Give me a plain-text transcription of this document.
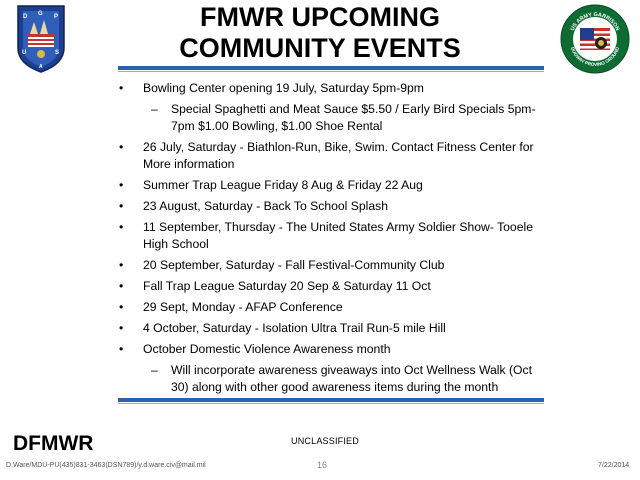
D	P
G
U	S
A
FMWR UPCOMING
COMMUNITY EVENTS
US ARMY GARRISON
DUGWAY PROVING GROUND
• Bowling Center opening 19 July, Saturday 5pm-9pm
– Special Spaghetti and Meat Sauce $5.50 / Early Bird Specials 5pm-7pm $1.00 Bowling, $1.00 Shoe Rental
• 26 July, Saturday - Biathlon-Run, Bike, Swim. Contact Fitness Center for More information
• Summer Trap League Friday 8 Aug & Friday 22 Aug
• 23 August, Saturday - Back To School Splash
• 11 September, Thursday - The United States Army Soldier Show- Tooele High School
• 20 September, Saturday - Fall Festival-Community Club
• Fall Trap League Saturday 20 Sep & Saturday 11 Oct
• 29 Sept, Monday - AFAP Conference
• 4 October, Saturday - Isolation Ultra Trail Run-5 mile Hill
• October Domestic Violence Awareness month
– Will incorporate awareness giveaways into Oct Wellness Walk (Oct 30) along with other good awareness items during the month
DFMWR	UNCLASSIFIED
D.Ware/MDU-PU(435)831-3463(DSN789)/y.d.ware.civ@mail.mil	16	7/22/2014
